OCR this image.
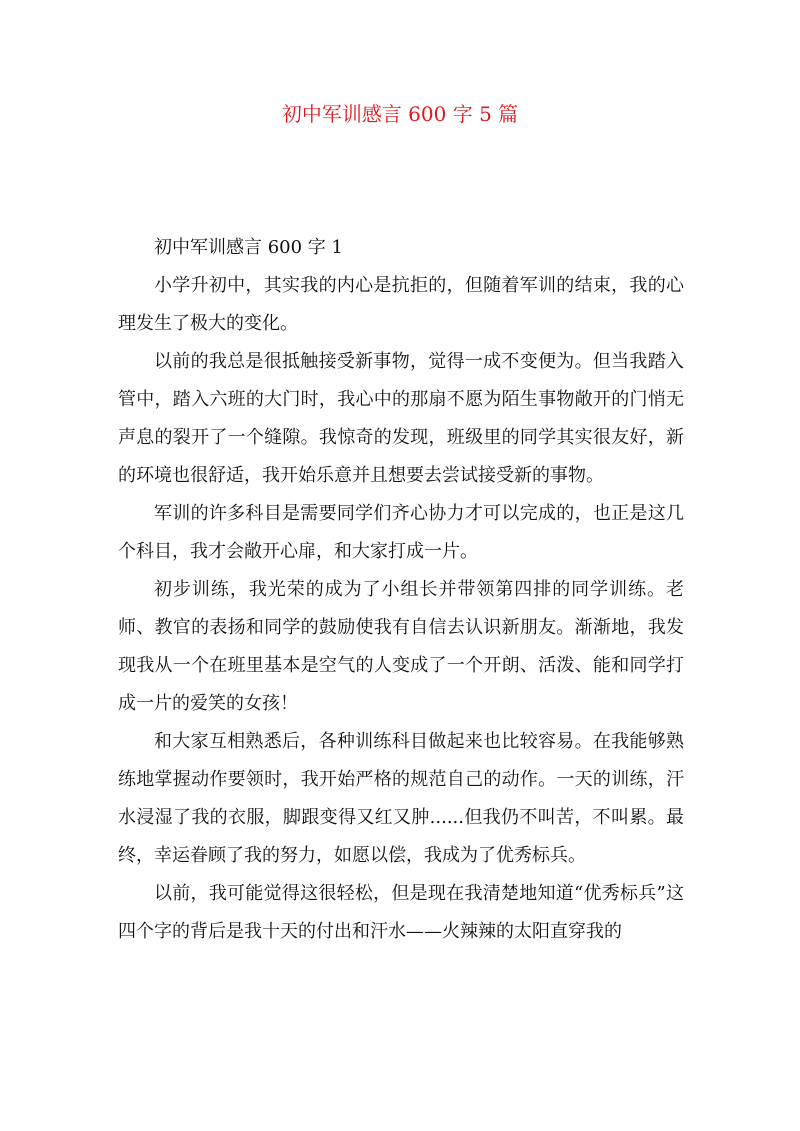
初中军训感言 600 字 5 篇
初中军训感言 600 字 1

小学升初中，其实我的内心是抗拒的，但随着军训的结束，我的心理发生了极大的变化。

以前的我总是很抵触接受新事物，觉得一成不变便为。但当我踏入管中，踏入六班的大门时，我心中的那扇不愿为陌生事物敞开的门悄无声息的裂开了一个缝隙。我惊奇的发现，班级里的同学其实很友好，新的环境也很舒适，我开始乐意并且想要去尝试接受新的事物。

军训的许多科目是需要同学们齐心协力才可以完成的，也正是这几个科目，我才会敞开心扉，和大家打成一片。

初步训练，我光荣的成为了小组长并带领第四排的同学训练。老师、教官的表扬和同学的鼓励使我有自信去认识新朋友。渐渐地，我发现我从一个在班里基本是空气的人变成了一个开朗、活泼、能和同学打成一片的爱笑的女孩！

和大家互相熟悉后，各种训练科目做起来也比较容易。在我能够熟练地掌握动作要领时，我开始严格的规范自己的动作。一天的训练，汗水浸湿了我的衣服，脚跟变得又红又肿......但我仍不叫苦，不叫累。最终，幸运眷顾了我的努力，如愿以偿，我成为了优秀标兵。

以前，我可能觉得这很轻松，但是现在我清楚地知道“优秀标兵”这四个字的背后是我十天的付出和汗水——火辣辣的太阳直穿我的
